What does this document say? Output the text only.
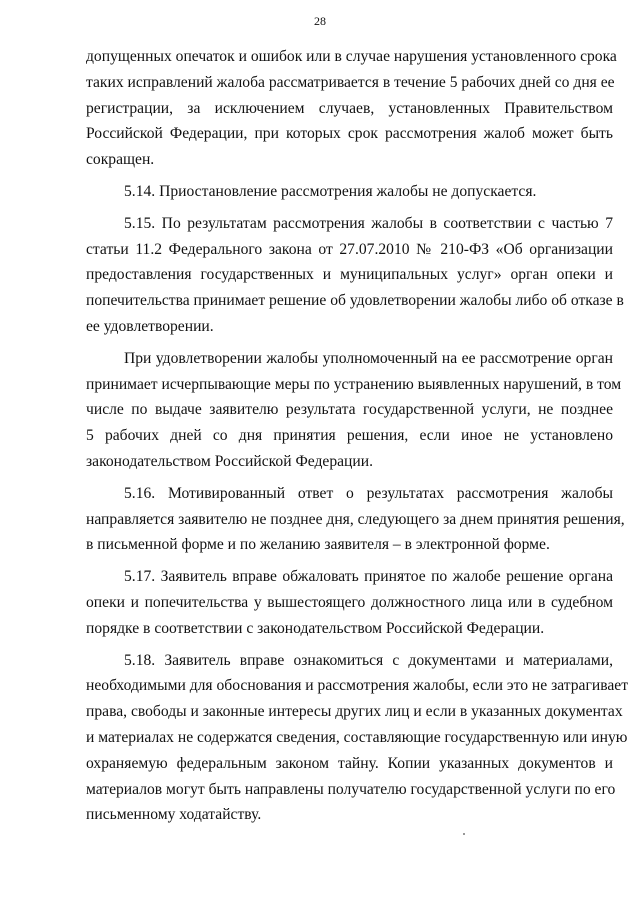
28

допущенных опечаток и ошибок или в случае нарушения установленного срока
таких исправлений жалоба рассматривается в течение 5 рабочих дней со дня ее
регистрации, за исключением случаев, установленных Правительством
Российской Федерации, при которых срок рассмотрения жалоб может быть
сокращен.

5.14. Приостановление рассмотрения жалобы не допускается.

5.15. По результатам рассмотрения жалобы в соответствии с частью 7
статьи 11.2 Федерального закона от 27.07.2010 № 210-ФЗ «Об организации
предоставления государственных и муниципальных услуг» орган опеки и
попечительства принимает решение об удовлетворении жалобы либо об отказе в
ее удовлетворении.

При удовлетворении жалобы уполномоченный на ее рассмотрение орган
принимает исчерпывающие меры по устранению выявленных нарушений, в том
числе по выдаче заявителю результата государственной услуги, не позднее
5 рабочих дней со дня принятия решения, если иное не установлено
законодательством Российской Федерации.

5.16. Мотивированный ответ о результатах рассмотрения жалобы
направляется заявителю не позднее дня, следующего за днем принятия решения,
в письменной форме и по желанию заявителя – в электронной форме.

5.17. Заявитель вправе обжаловать принятое по жалобе решение органа
опеки и попечительства у вышестоящего должностного лица или в судебном
порядке в соответствии с законодательством Российской Федерации.

5.18. Заявитель вправе ознакомиться с документами и материалами,
необходимыми для обоснования и рассмотрения жалобы, если это не затрагивает
права, свободы и законные интересы других лиц и если в указанных документах
и материалах не содержатся сведения, составляющие государственную или иную
охраняемую федеральным законом тайну. Копии указанных документов и
материалов могут быть направлены получателю государственной услуги по его
письменному ходатайству.
